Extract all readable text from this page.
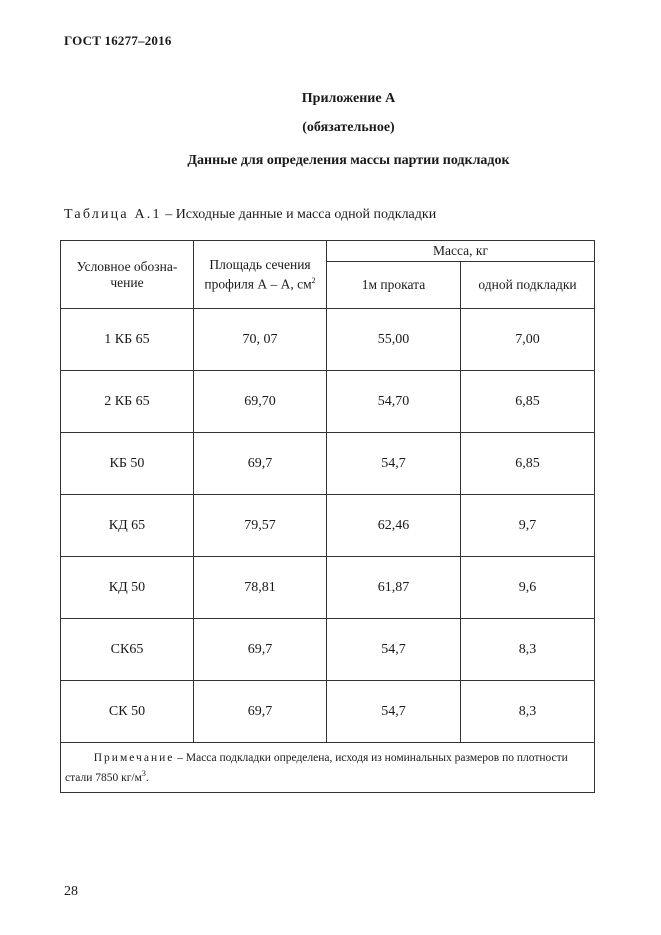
ГОСТ 16277–2016
Приложение А
(обязательное)
Данные для определения массы партии подкладок
Таблица А.1 – Исходные данные и масса одной подкладки
Условное обозна-чение	Площадь сечения профиля А – А, $см^2$	Масса, кг	
		1м проката	одной подкладки
1 КБ 65	70, 07	55,00	7,00
2 КБ 65	69,70	54,70	6,85
КБ 50	69,7	54,7	6,85
КД 65	79,57	62,46	9,7
КД 50	78,81	61,87	9,6
СК65	69,7	54,7	8,3
СК 50	69,7	54,7	8,3
Примечание – Масса подкладки определена, исходя из номинальных размеров по плотности стали 7850 $кг/м^3$.			
28
